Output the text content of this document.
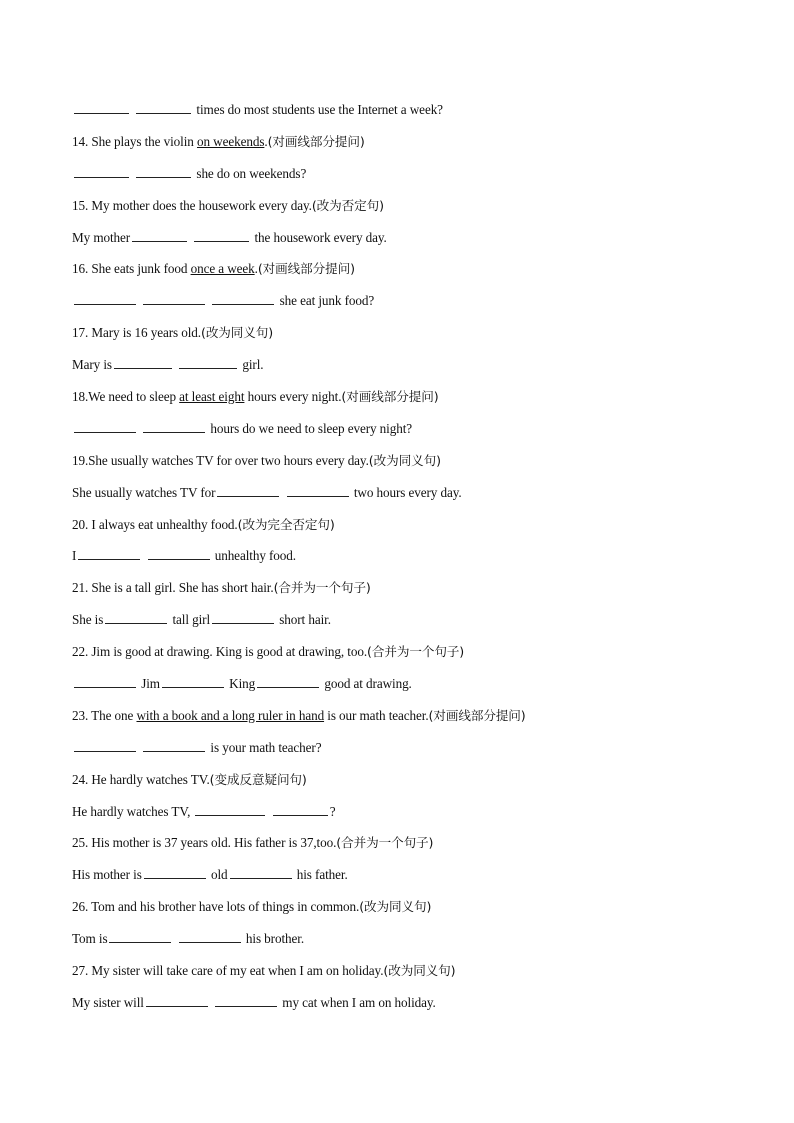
times do most students use the Internet a week?
14. She plays the violin on weekends.(对画线部分提问)
she do on weekends?
15. My mother does the housework every day.(改为否定句)
My mother	the housework every day.
16. She eats junk food once a week.(对画线部分提问)
she eat junk food?
17. Mary is 16 years old.(改为同义句)
Mary is	girl.
18.We need to sleep at least eight hours every night.(对画线部分提问)
hours do we need to sleep every night?
19.She usually watches TV for over two hours every day.(改为同义句)
She usually watches TV for	two hours every day.
20. I always eat unhealthy food.(改为完全否定句)
I	unhealthy food.
21. She is a tall girl. She has short hair.(合并为一个句子)
She is	tall girl	short hair.
22. Jim is good at drawing. King is good at drawing, too.(合并为一个句子)
Jim	King	good at drawing.
23. The one with a book and a long ruler in hand is our math teacher.(对画线部分提问)
is your math teacher?
24. He hardly watches TV.(变成反意疑问句)
He hardly watches TV,	?
25. His mother is 37 years old. His father is 37,too.(合并为一个句子)
His mother is	old	his father.
26. Tom and his brother have lots of things in common.(改为同义句)
Tom is	his brother.
27. My sister will take care of my eat when I am on holiday.(改为同义句)
My sister will	my cat when I am on holiday.
